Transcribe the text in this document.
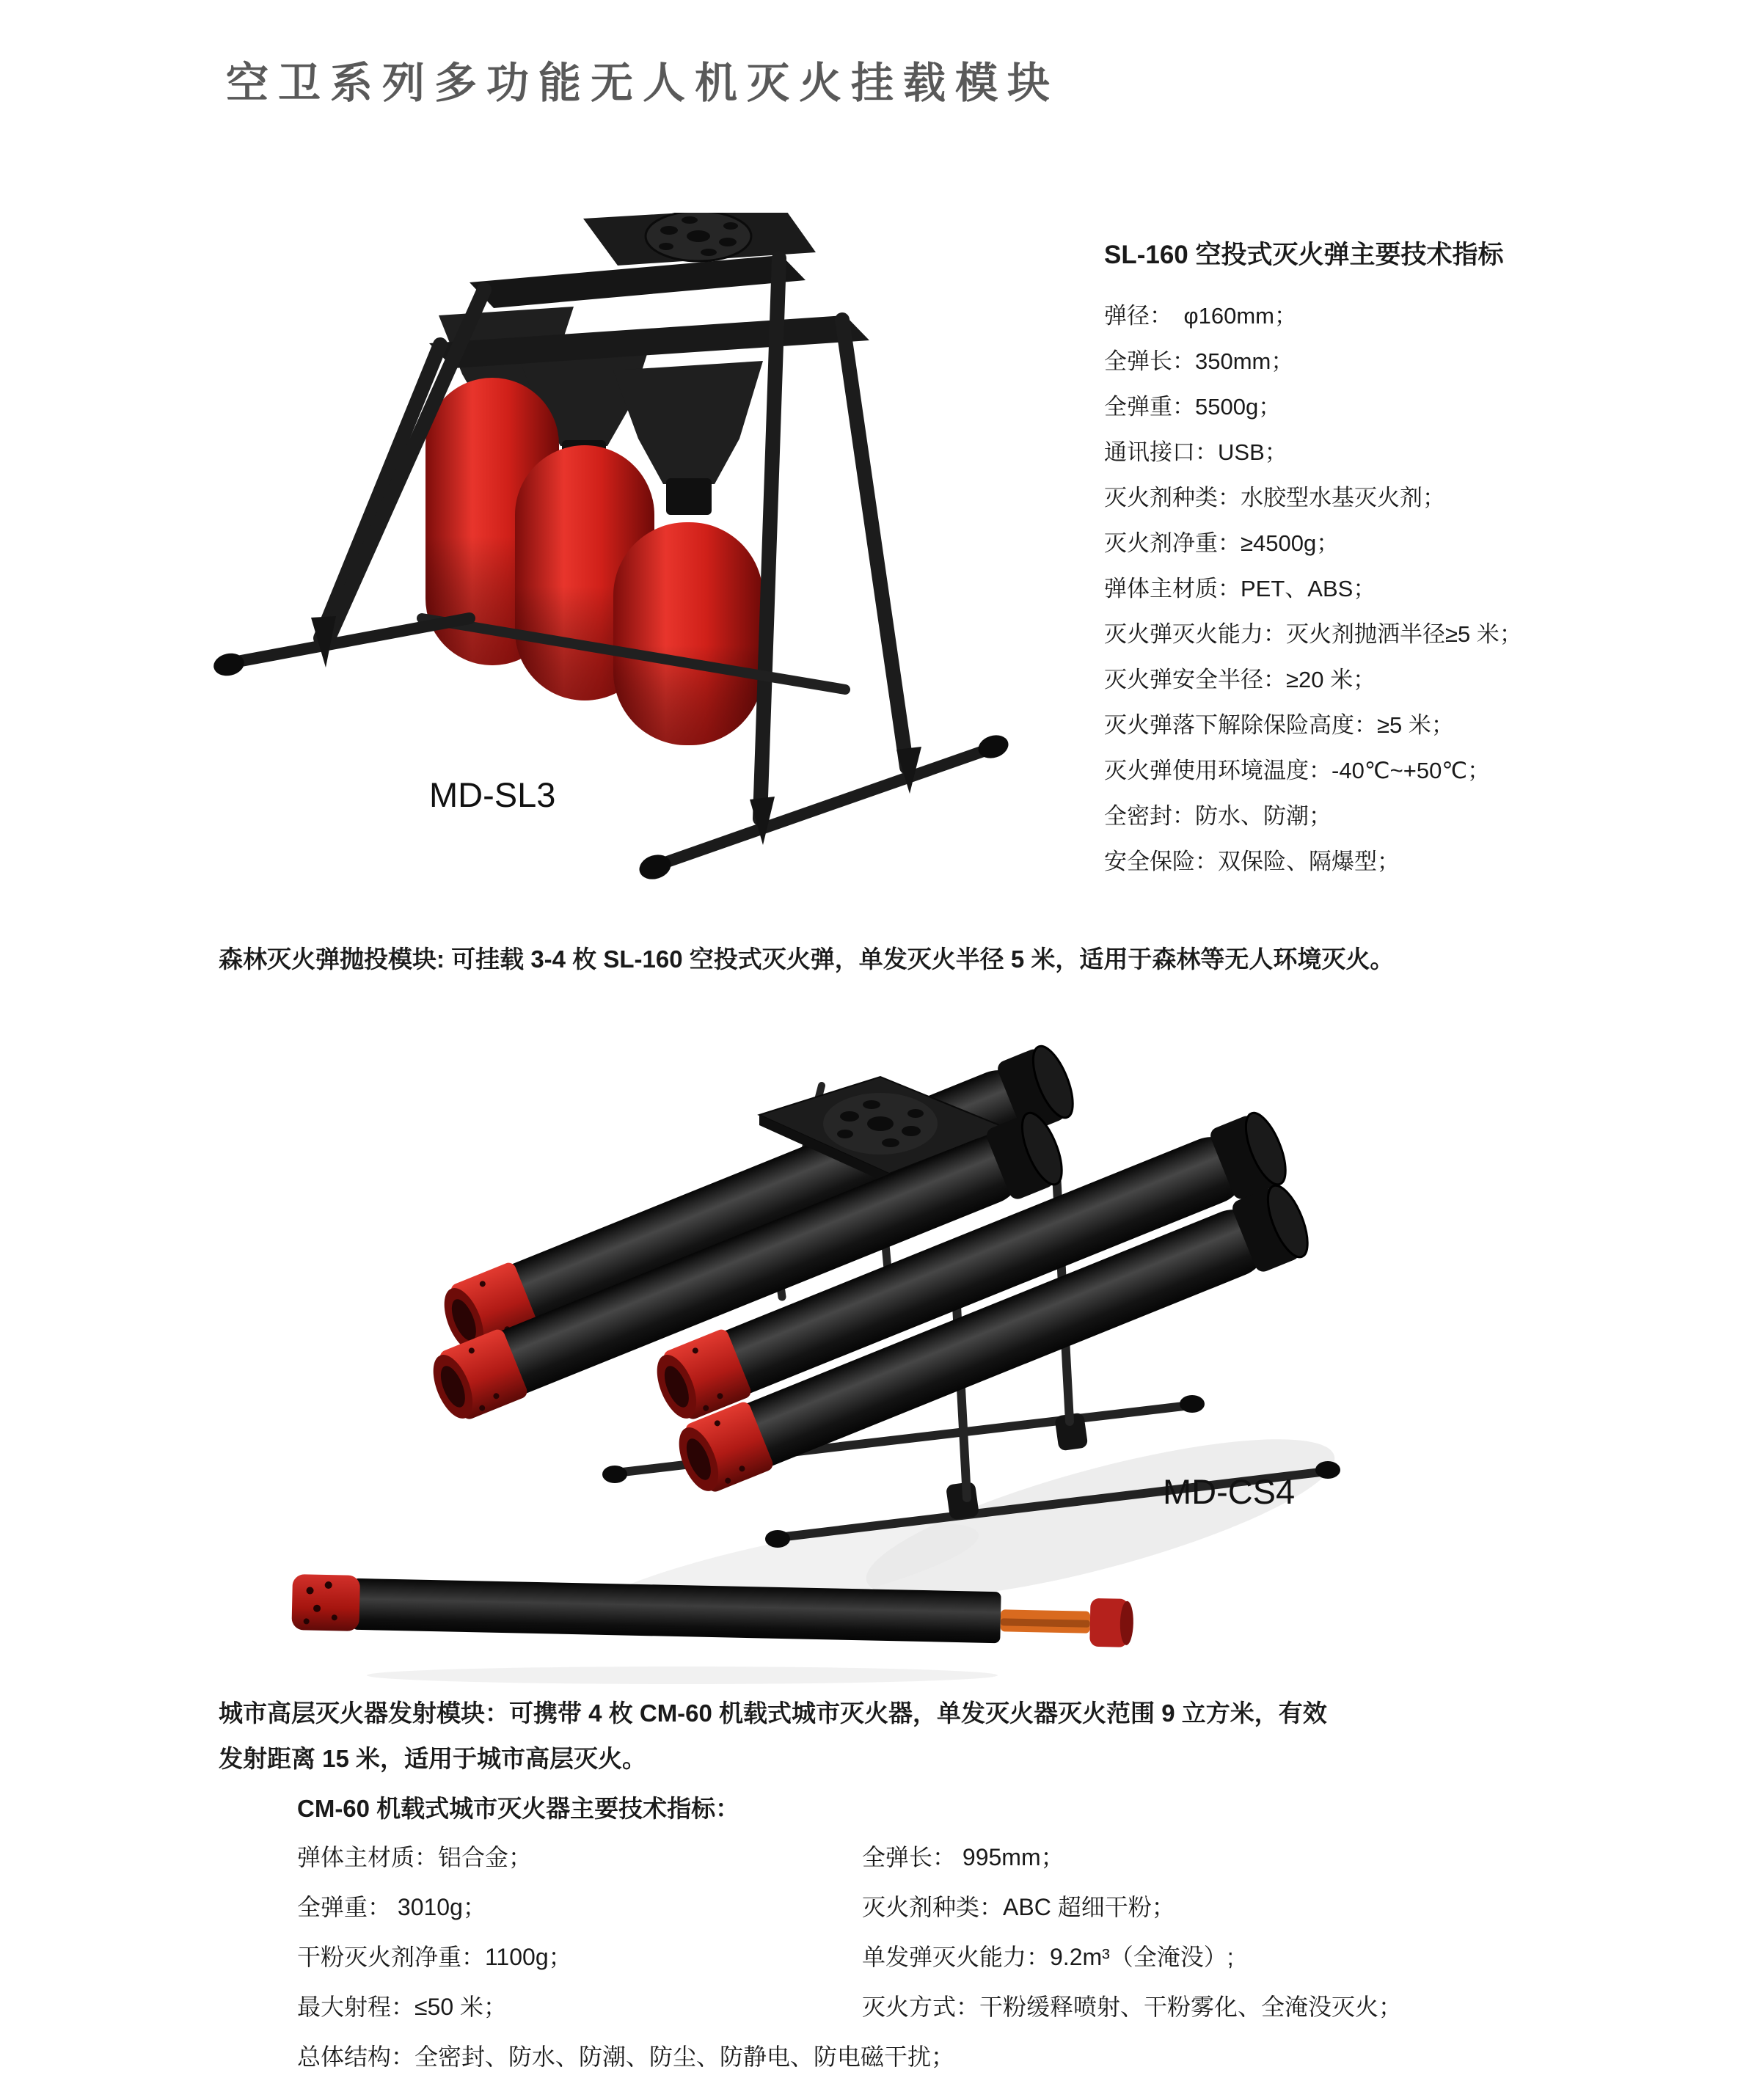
空卫系列多功能无人机灭火挂载模块
MD-SL3
MD-CS4
SL-160 空投式灭火弹主要技术指标
弹径：　φ160mm；
全弹长：350mm；
全弹重：5500g；
通讯接口：USB；
灭火剂种类：水胶型水基灭火剂；
灭火剂净重：≥4500g；
弹体主材质：PET、ABS；
灭火弹灭火能力：灭火剂抛洒半径≥5 米；
灭火弹安全半径：≥20 米；
灭火弹落下解除保险高度：≥5 米；
灭火弹使用环境温度：-40℃~+50℃；
全密封：防水、防潮；
安全保险：双保险、隔爆型；
森林灭火弹抛投模块: 可挂载 3-4 枚 SL-160 空投式灭火弹，单发灭火半径 5 米，适用于森林等无人环境灭火。
城市高层灭火器发射模块：可携带 4 枚 CM-60 机载式城市灭火器，单发灭火器灭火范围 9 立方米，有效
发射距离 15 米，适用于城市高层灭火。
CM-60 机载式城市灭火器主要技术指标：
弹体主材质：铝合金；
全弹重： 3010g；
干粉灭火剂净重：1100g；
最大射程：≤50 米；
总体结构：全密封、防水、防潮、防尘、防静电、防电磁干扰；
全弹长： 995mm；
灭火剂种类：ABC 超细干粉；
单发弹灭火能力：9.2m³（全淹没）;
灭火方式：干粉缓释喷射、干粉雾化、全淹没灭火；
